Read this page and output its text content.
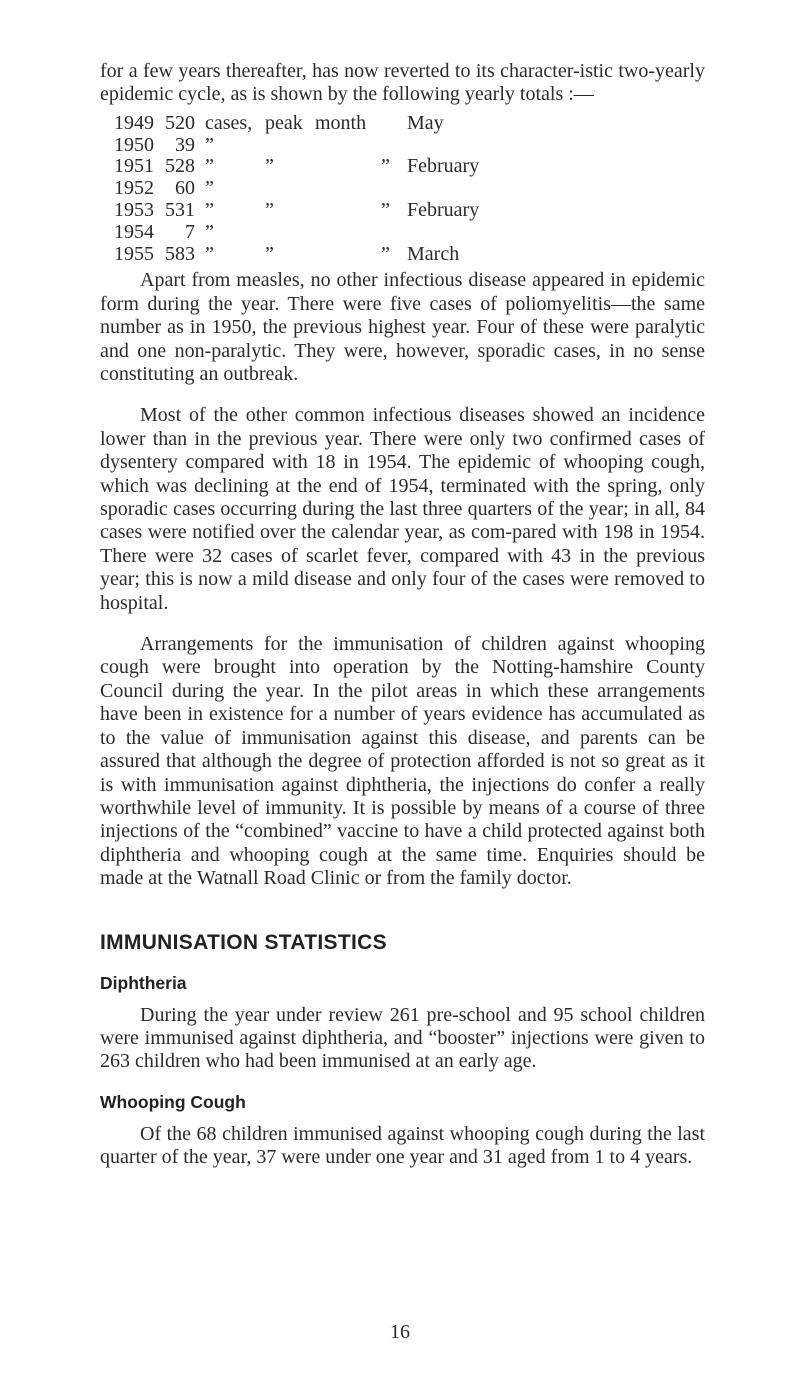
for a few years thereafter, has now reverted to its character-istic two-yearly epidemic cycle, as is shown by the following yearly totals :—

1949 520 cases, peak month	May
1950	39 ”
1951 528 ”	”	” February
1952	60 ”
1953 531 ”	”	” February
1954	7 ”
1955 583 ”	”	” March

Apart from measles, no other infectious disease appeared in epidemic form during the year. There were five cases of poliomyelitis—the same number as in 1950, the previous highest year. Four of these were paralytic and one non-paralytic. They were, however, sporadic cases, in no sense constituting an outbreak.

Most of the other common infectious diseases showed an incidence lower than in the previous year. There were only two confirmed cases of dysentery compared with 18 in 1954. The epidemic of whooping cough, which was declining at the end of 1954, terminated with the spring, only sporadic cases occurring during the last three quarters of the year; in all, 84 cases were notified over the calendar year, as com-pared with 198 in 1954. There were 32 cases of scarlet fever, compared with 43 in the previous year; this is now a mild disease and only four of the cases were removed to hospital.

Arrangements for the immunisation of children against whooping cough were brought into operation by the Notting-hamshire County Council during the year. In the pilot areas in which these arrangements have been in existence for a number of years evidence has accumulated as to the value of immunisation against this disease, and parents can be assured that although the degree of protection afforded is not so great as it is with immunisation against diphtheria, the injections do confer a really worthwhile level of immunity. It is possible by means of a course of three injections of the “combined” vaccine to have a child protected against both diphtheria and whooping cough at the same time. Enquiries should be made at the Watnall Road Clinic or from the family doctor.

IMMUNISATION STATISTICS
Diphtheria

During the year under review 261 pre-school and 95 school children were immunised against diphtheria, and “booster” injections were given to 263 children who had been immunised at an early age.

Whooping Cough

Of the 68 children immunised against whooping cough during the last quarter of the year, 37 were under one year and 31 aged from 1 to 4 years.

16
